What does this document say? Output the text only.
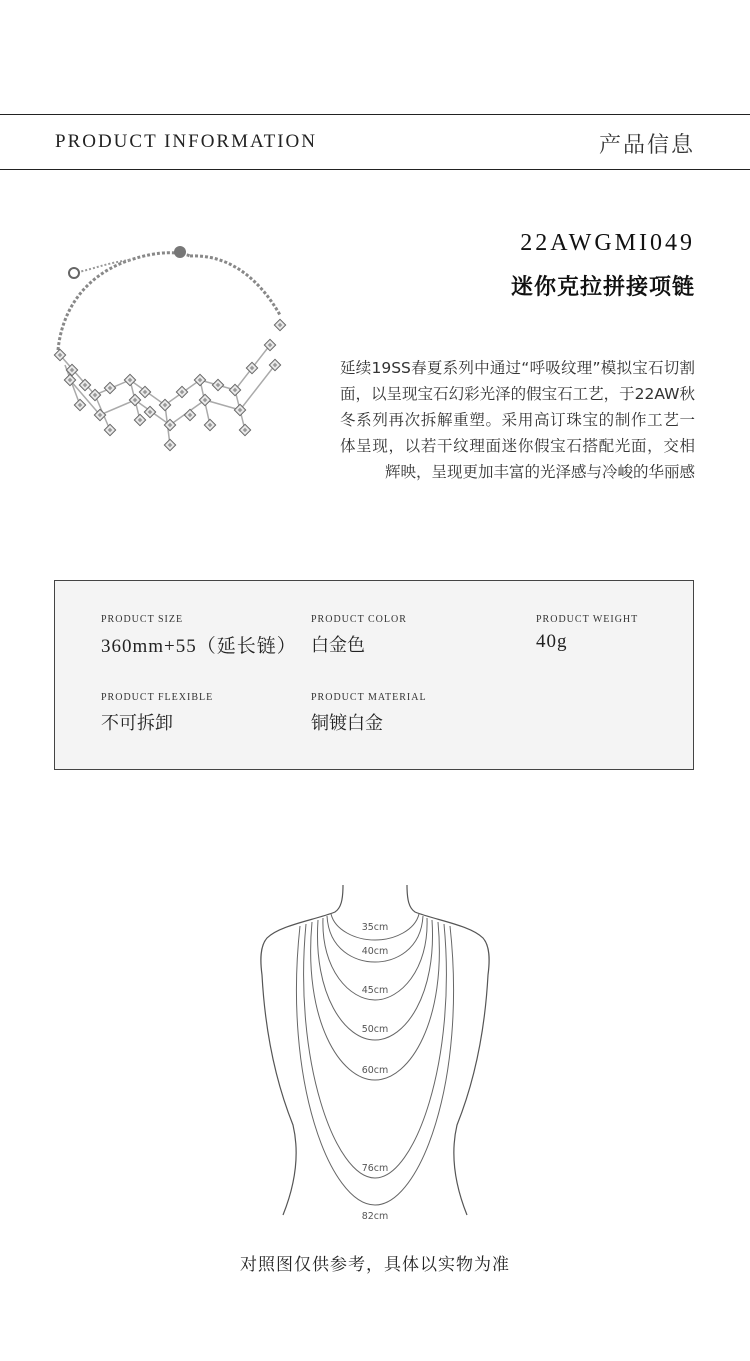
PRODUCT INFORMATION	产品信息
22AWGMI049
迷你克拉拼接项链
延续19SS春夏系列中通过“呼吸纹理”模拟宝石切割面，以呈现宝石幻彩光泽的假宝石工艺，于22AW秋冬系列再次拆解重塑。采用高订珠宝的制作工艺一体呈现，以若干纹理面迷你假宝石搭配光面，交相辉映，呈现更加丰富的光泽感与冷峻的华丽感
PRODUCT SIZE
360mm+55（延长链）
PRODUCT COLOR
白金色
PRODUCT WEIGHT
40g
PRODUCT FLEXIBLE
不可拆卸
PRODUCT MATERIAL
铜镀白金
35cm
40cm
45cm
50cm
60cm
76cm
82cm
对照图仅供参考，具体以实物为准
